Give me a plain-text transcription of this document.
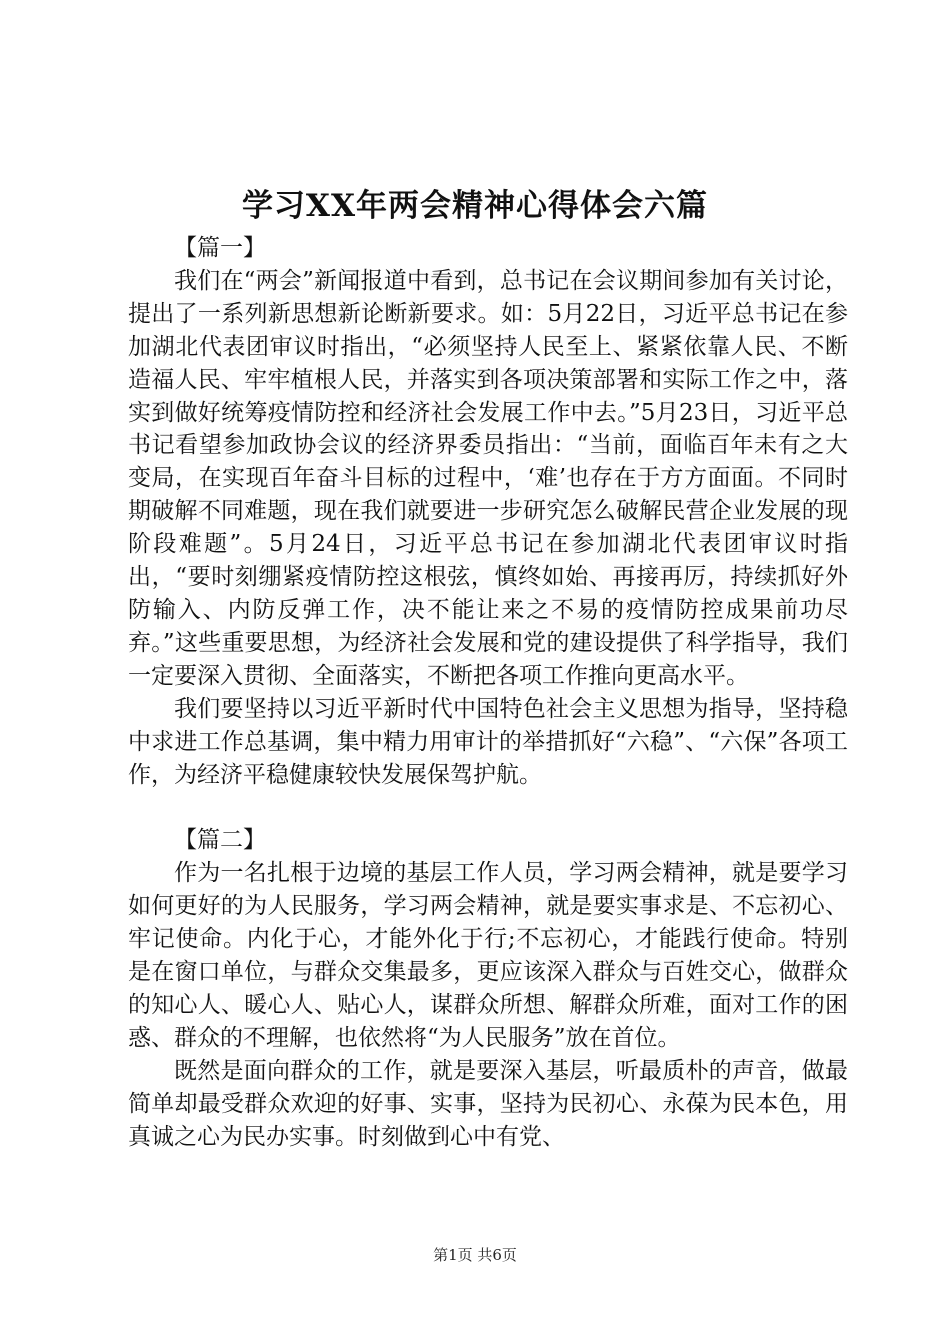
学习XX年两会精神心得体会六篇

【篇一】

我们在“两会”新闻报道中看到，总书记在会议期间参加有关讨论，提出了一系列新思想新论断新要求。如：5月22日，习近平总书记在参加湖北代表团审议时指出，“必须坚持人民至上、紧紧依靠人民、不断造福人民、牢牢植根人民，并落实到各项决策部署和实际工作之中，落实到做好统筹疫情防控和经济社会发展工作中去。”5月23日，习近平总书记看望参加政协会议的经济界委员指出：“当前，面临百年未有之大变局，在实现百年奋斗目标的过程中，‘难’也存在于方方面面。不同时期破解不同难题，现在我们就要进一步研究怎么破解民营企业发展的现阶段难题”。5月24日，习近平总书记在参加湖北代表团审议时指出，“要时刻绷紧疫情防控这根弦，慎终如始、再接再厉，持续抓好外防输入、内防反弹工作，决不能让来之不易的疫情防控成果前功尽弃。”这些重要思想，为经济社会发展和党的建设提供了科学指导，我们一定要深入贯彻、全面落实，不断把各项工作推向更高水平。

我们要坚持以习近平新时代中国特色社会主义思想为指导，坚持稳中求进工作总基调，集中精力用审计的举措抓好“六稳”、“六保”各项工作，为经济平稳健康较快发展保驾护航。

【篇二】

作为一名扎根于边境的基层工作人员，学习两会精神，就是要学习如何更好的为人民服务，学习两会精神，就是要实事求是、不忘初心、牢记使命。内化于心，才能外化于行;不忘初心，才能践行使命。特别是在窗口单位，与群众交集最多，更应该深入群众与百姓交心，做群众的知心人、暖心人、贴心人，谋群众所想、解群众所难，面对工作的困惑、群众的不理解，也依然将“为人民服务”放在首位。

既然是面向群众的工作，就是要深入基层，听最质朴的声音，做最简单却最受群众欢迎的好事、实事，坚持为民初心、永葆为民本色，用真诚之心为民办实事。时刻做到心中有党、

第1页 共6页
